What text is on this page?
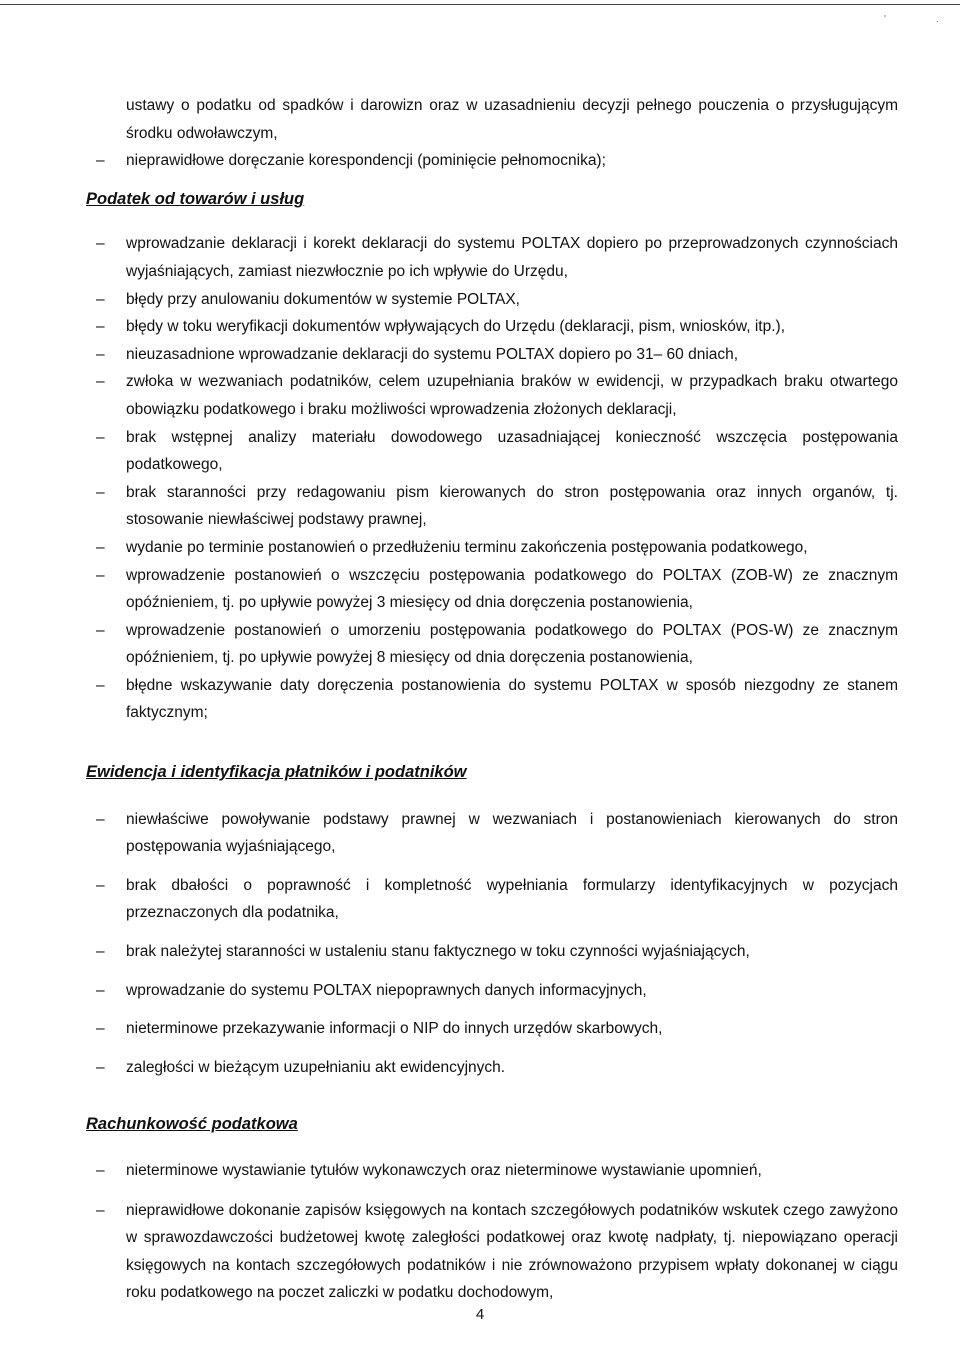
'	.

ustawy o podatku od spadków i darowizn oraz w uzasadnieniu decyzji pełnego pouczenia o przysługującym środku odwoławczym,

– nieprawidłowe doręczanie korespondencji (pominięcie pełnomocnika);
Podatek od towarów i usług
– wprowadzanie deklaracji i korekt deklaracji do systemu POLTAX dopiero po przeprowadzonych czynnościach wyjaśniających, zamiast niezwłocznie po ich wpływie do Urzędu,
– błędy przy anulowaniu dokumentów w systemie POLTAX,
– błędy w toku weryfikacji dokumentów wpływających do Urzędu (deklaracji, pism, wniosków, itp.),
– nieuzasadnione wprowadzanie deklaracji do systemu POLTAX dopiero po 31– 60 dniach,
– zwłoka w wezwaniach podatników, celem uzupełniania braków w ewidencji, w przypadkach braku otwartego obowiązku podatkowego i braku możliwości wprowadzenia złożonych deklaracji,
– brak wstępnej analizy materiału dowodowego uzasadniającej konieczność wszczęcia postępowania podatkowego,
– brak staranności przy redagowaniu pism kierowanych do stron postępowania oraz innych organów, tj. stosowanie niewłaściwej podstawy prawnej,
– wydanie po terminie postanowień o przedłużeniu terminu zakończenia postępowania podatkowego,
– wprowadzenie postanowień o wszczęciu postępowania podatkowego do POLTAX (ZOB-W) ze znacznym opóźnieniem, tj. po upływie powyżej 3 miesięcy od dnia doręczenia postanowienia,
– wprowadzenie postanowień o umorzeniu postępowania podatkowego do POLTAX (POS-W) ze znacznym opóźnieniem, tj. po upływie powyżej 8 miesięcy od dnia doręczenia postanowienia,
– błędne wskazywanie daty doręczenia postanowienia do systemu POLTAX w sposób niezgodny ze stanem faktycznym;
Ewidencja i identyfikacja płatników i podatników
– niewłaściwe powoływanie podstawy prawnej w wezwaniach i postanowieniach kierowanych do stron postępowania wyjaśniającego,
– brak dbałości o poprawność i kompletność wypełniania formularzy identyfikacyjnych w pozycjach przeznaczonych dla podatnika,
– brak należytej staranności w ustaleniu stanu faktycznego w toku czynności wyjaśniających,
– wprowadzanie do systemu POLTAX niepoprawnych danych informacyjnych,
– nieterminowe przekazywanie informacji o NIP do innych urzędów skarbowych,
– zaległości w bieżącym uzupełnianiu akt ewidencyjnych.
Rachunkowość podatkowa
– nieterminowe wystawianie tytułów wykonawczych oraz nieterminowe wystawianie upomnień,
– nieprawidłowe dokonanie zapisów księgowych na kontach szczegółowych podatników wskutek czego zawyżono w sprawozdawczości budżetowej kwotę zaległości podatkowej oraz kwotę nadpłaty, tj. niepowiązano operacji księgowych na kontach szczegółowych podatników i nie zrównoważono przypisem wpłaty dokonanej w ciągu roku podatkowego na poczet zaliczki w podatku dochodowym,
4
